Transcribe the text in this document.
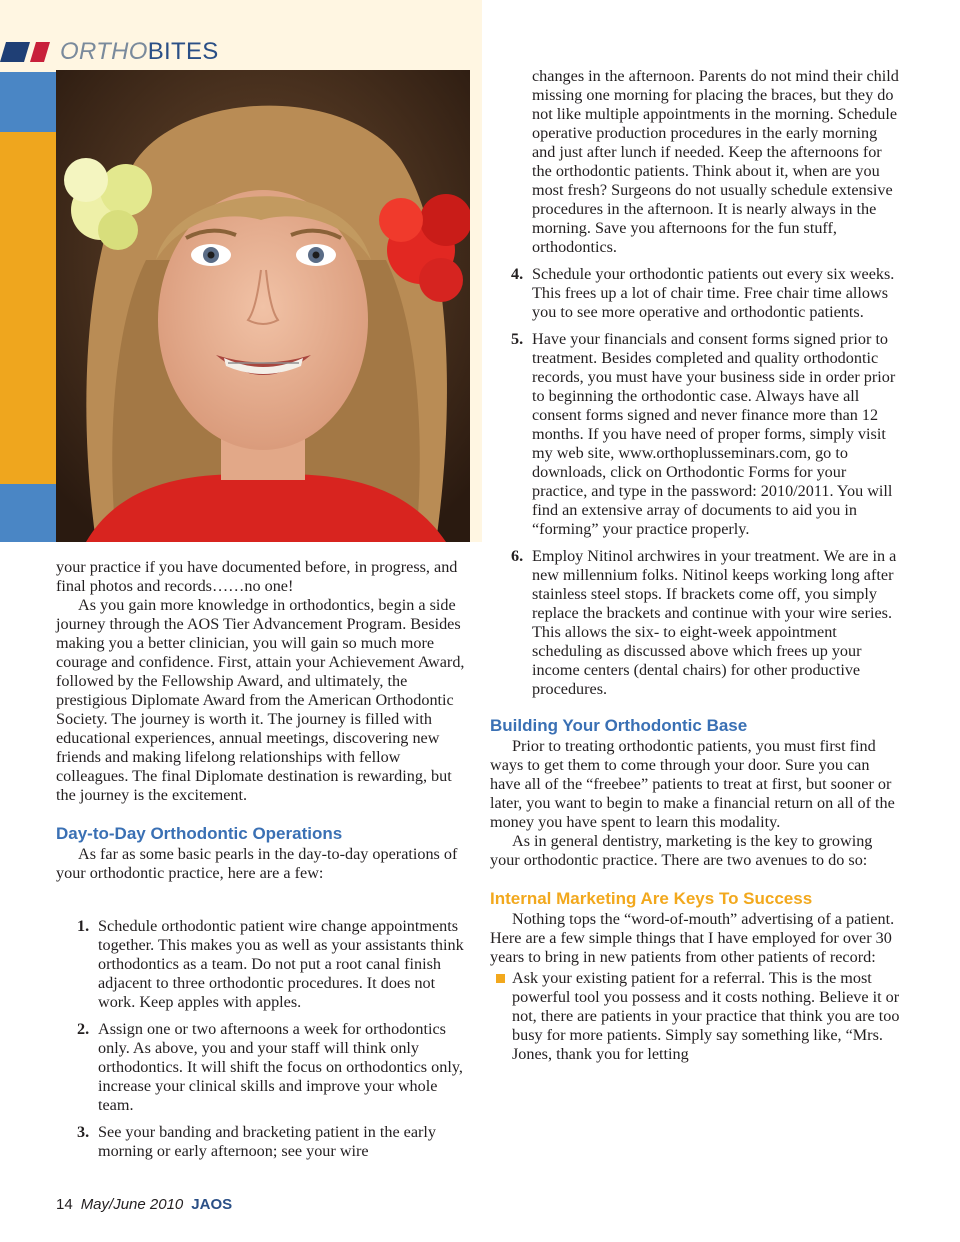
ORTHOBITES

your practice if you have documented before, in progress, and final photos and records……no one!

As you gain more knowledge in orthodontics, begin a side journey through the AOS Tier Advancement Program. Besides making you a better clinician, you will gain so much more courage and confidence. First, attain your Achievement Award, followed by the Fellowship Award, and ultimately, the prestigious Diplomate Award from the American Orthodontic Society. The journey is worth it. The journey is filled with educational experiences, annual meetings, discovering new friends and making lifelong relationships with fellow colleagues. The final Diplomate destination is rewarding, but the journey is the excitement.

Day-to-Day Orthodontic Operations

As far as some basic pearls in the day-to-day operations of your orthodontic practice, here are a few:

1. Schedule orthodontic patient wire change appointments together. This makes you as well as your assistants think orthodontics as a team. Do not put a root canal finish adjacent to three orthodontic procedures. It does not work. Keep apples with apples.
2. Assign one or two afternoons a week for orthodontics only. As above, you and your staff will think only orthodontics. It will shift the focus on orthodontics only, increase your clinical skills and improve your whole team.
3. See your banding and bracketing patient in the early morning or early afternoon; see your wire

changes in the afternoon. Parents do not mind their child missing one morning for placing the braces, but they do not like multiple appointments in the morning. Schedule operative production procedures in the early morning and just after lunch if needed. Keep the afternoons for the orthodontic patients. Think about it, when are you most fresh? Surgeons do not usually schedule extensive procedures in the afternoon. It is nearly always in the morning. Save you afternoons for the fun stuff, orthodontics.

4. Schedule your orthodontic patients out every six weeks. This frees up a lot of chair time. Free chair time allows you to see more operative and orthodontic patients.
5. Have your financials and consent forms signed prior to treatment. Besides completed and quality orthodontic records, you must have your business side in order prior to beginning the orthodontic case. Always have all consent forms signed and never finance more than 12 months. If you have need of proper forms, simply visit my web site, www.orthoplusseminars.com, go to downloads, click on Orthodontic Forms for your practice, and type in the password: 2010/2011. You will find an extensive array of documents to aid you in “forming” your practice properly.
6. Employ Nitinol archwires in your treatment. We are in a new millennium folks. Nitinol keeps working long after stainless steel stops. If brackets come off, you simply replace the brackets and continue with your wire series. This allows the six- to eight-week appointment scheduling as discussed above which frees up your income centers (dental chairs) for other productive procedures.
Building Your Orthodontic Base

Prior to treating orthodontic patients, you must first find ways to get them to come through your door. Sure you can have all of the “freebee” patients to treat at first, but sooner or later, you want to begin to make a financial return on all of the money you have spent to learn this modality.

As in general dentistry, marketing is the key to growing your orthodontic practice. There are two avenues to do so:

Internal Marketing Are Keys To Success

Nothing tops the “word-of-mouth” advertising of a patient. Here are a few simple things that I have employed for over 30 years to bring in new patients from other patients of record:

Ask your existing patient for a referral. This is the most powerful tool you possess and it costs nothing. Believe it or not, there are patients in your practice that think you are too busy for more patients. Simply say something like, “Mrs. Jones, thank you for letting
14 May/June 2010 JAOS
